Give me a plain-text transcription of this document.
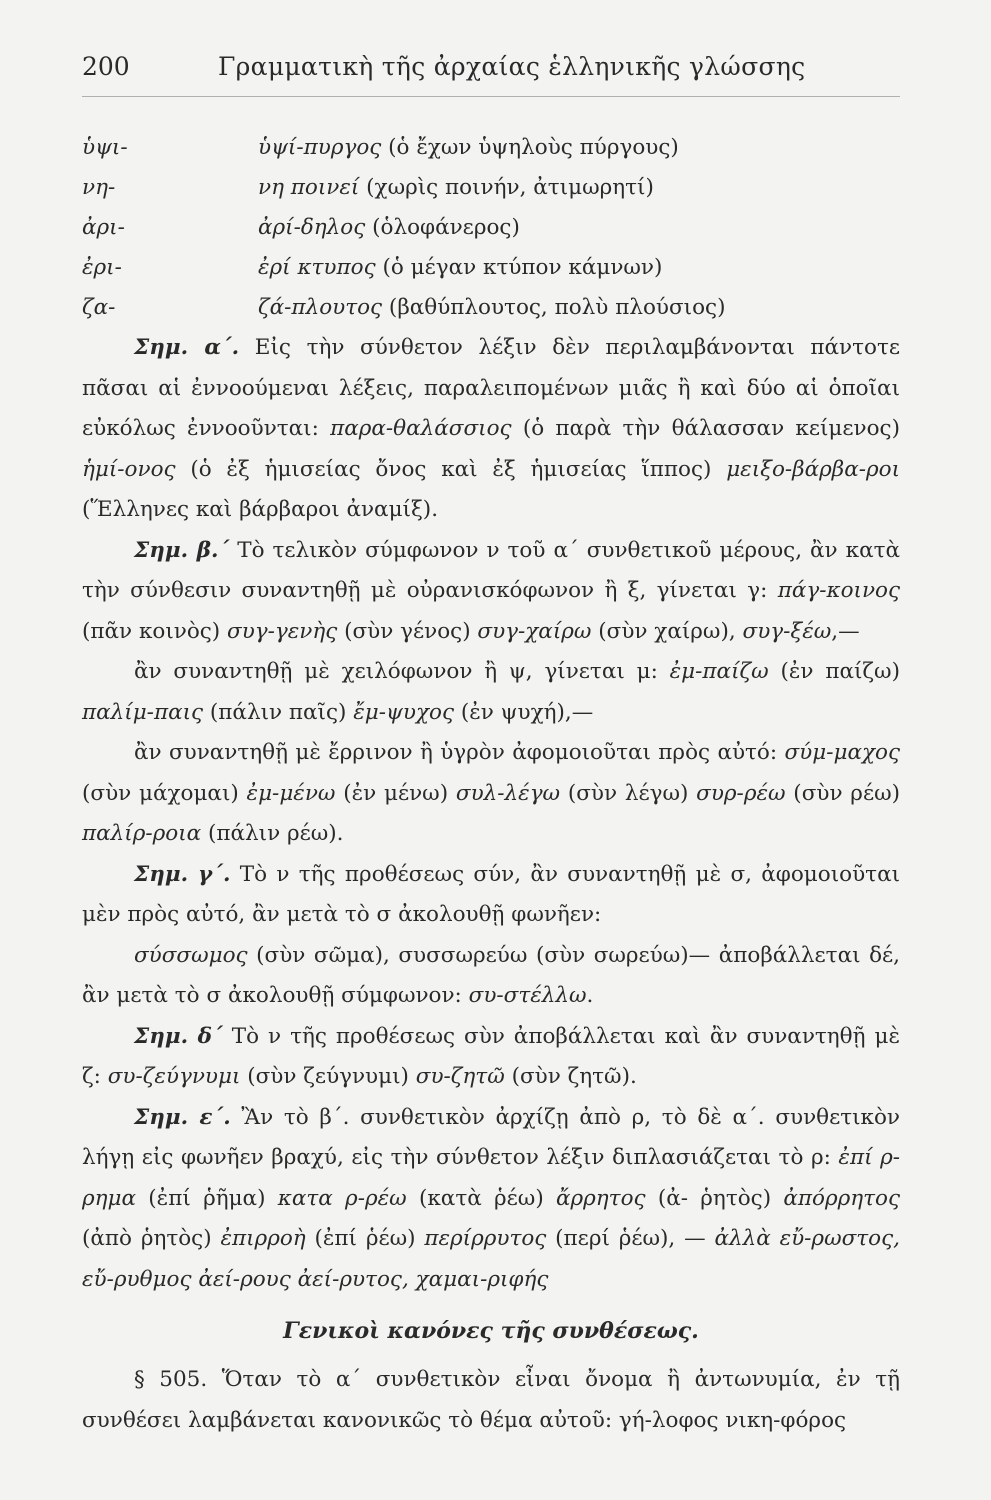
200	Γραμματικὴ τῆς ἀρχαίας ἑλληνικῆς γλώσσης
ὑψι-	ὑψί-πυργος (ὁ ἔχων ὑψηλοὺς πύργους)
νη-	νη ποινεί (χωρὶς ποινήν, ἀτιμωρητί)
ἀρι-	ἀρί-δηλος (ὁλοφάνερος)
ἐρι-	ἐρί κτυπος (ὁ μέγαν κτύπον κάμνων)
ζα-	ζά-πλουτος (βαθύπλουτος, πολὺ πλούσιος)

Σημ. α΄. Εἰς τὴν σύνθετον λέξιν δὲν περιλαμβάνονται πάντοτε πᾶσαι αἱ ἐννοούμεναι λέξεις, παραλειπομένων μιᾶς ἢ καὶ δύο αἱ ὁποῖαι εὐκόλως ἐννοοῦνται: παρα-θαλάσσιος (ὁ παρὰ τὴν θάλασσαν κείμενος) ἡμί-ονος (ὁ ἐξ ἡμισείας ὄνος καὶ ἐξ ἡμισείας ἵππος) μειξο-βάρβα-ροι (Ἕλληνες καὶ βάρβαροι ἀναμίξ).

Σημ. β.΄ Τὸ τελικὸν σύμφωνον ν τοῦ α΄ συνθετικοῦ μέρους, ἂν κατὰ τὴν σύνθεσιν συναντηθῇ μὲ οὐρανισκόφωνον ἢ ξ, γίνεται γ: πάγ-κοινος (πᾶν κοινὸς) συγ-γενὴς (σὺν γένος) συγ-χαίρω (σὺν χαίρω), συγ-ξέω,—

ἂν συναντηθῇ μὲ χειλόφωνον ἢ ψ, γίνεται μ: ἐμ-παίζω (ἐν παίζω) παλίμ-παις (πάλιν παῖς) ἔμ-ψυχος (ἐν ψυχή),—

ἂν συναντηθῇ μὲ ἔρρινον ἢ ὑγρὸν ἀφομοιοῦται πρὸς αὐτό: σύμ-μαχος (σὺν μάχομαι) ἐμ-μένω (ἐν μένω) συλ-λέγω (σὺν λέγω) συρ-ρέω (σὺν ρέω) παλίρ-ροια (πάλιν ρέω).

Σημ. γ΄. Τὸ ν τῆς προθέσεως σύν, ἂν συναντηθῇ μὲ σ, ἀφομοιοῦται μὲν πρὸς αὐτό, ἂν μετὰ τὸ σ ἀκολουθῇ φωνῆεν:

σύσσωμος (σὺν σῶμα), συσσωρεύω (σὺν σωρεύω)— ἀποβάλλεται δέ, ἂν μετὰ τὸ σ ἀκολουθῇ σύμφωνον: συ-στέλλω.

Σημ. δ΄ Τὸ ν τῆς προθέσεως σὺν ἀποβάλλεται καὶ ἂν συναντηθῇ μὲ ζ: συ-ζεύγνυμι (σὺν ζεύγνυμι) συ-ζητῶ (σὺν ζητῶ).

Σημ. ε΄. Ἂν τὸ β΄. συνθετικὸν ἀρχίζῃ ἀπὸ ρ, τὸ δὲ α΄. συνθετικὸν λήγῃ εἰς φωνῆεν βραχύ, εἰς τὴν σύνθετον λέξιν διπλασιάζεται τὸ ρ: ἐπί ρ-ρημα (ἐπί ῥῆμα) κατα ρ-ρέω (κατὰ ῥέω) ἄρρητος (ἀ- ῥητὸς) ἀπόρρητος (ἀπὸ ῥητὸς) ἐπιρροὴ (ἐπί ῥέω) περίρρυτος (περί ῥέω), — ἀλλὰ εὔ-ρωστος, εὔ-ρυθμος ἀεί-ρους ἀεί-ρυτος, χαμαι-ριφής

Γενικοὶ κανόνες τῆς συνθέσεως.

§ 505. Ὅταν τὸ α΄ συνθετικὸν εἶναι ὄνομα ἢ ἀντωνυμία, ἐν τῇ συνθέσει λαμβάνεται κανονικῶς τὸ θέμα αὐτοῦ: γή-λοφος νικη-φόρος
